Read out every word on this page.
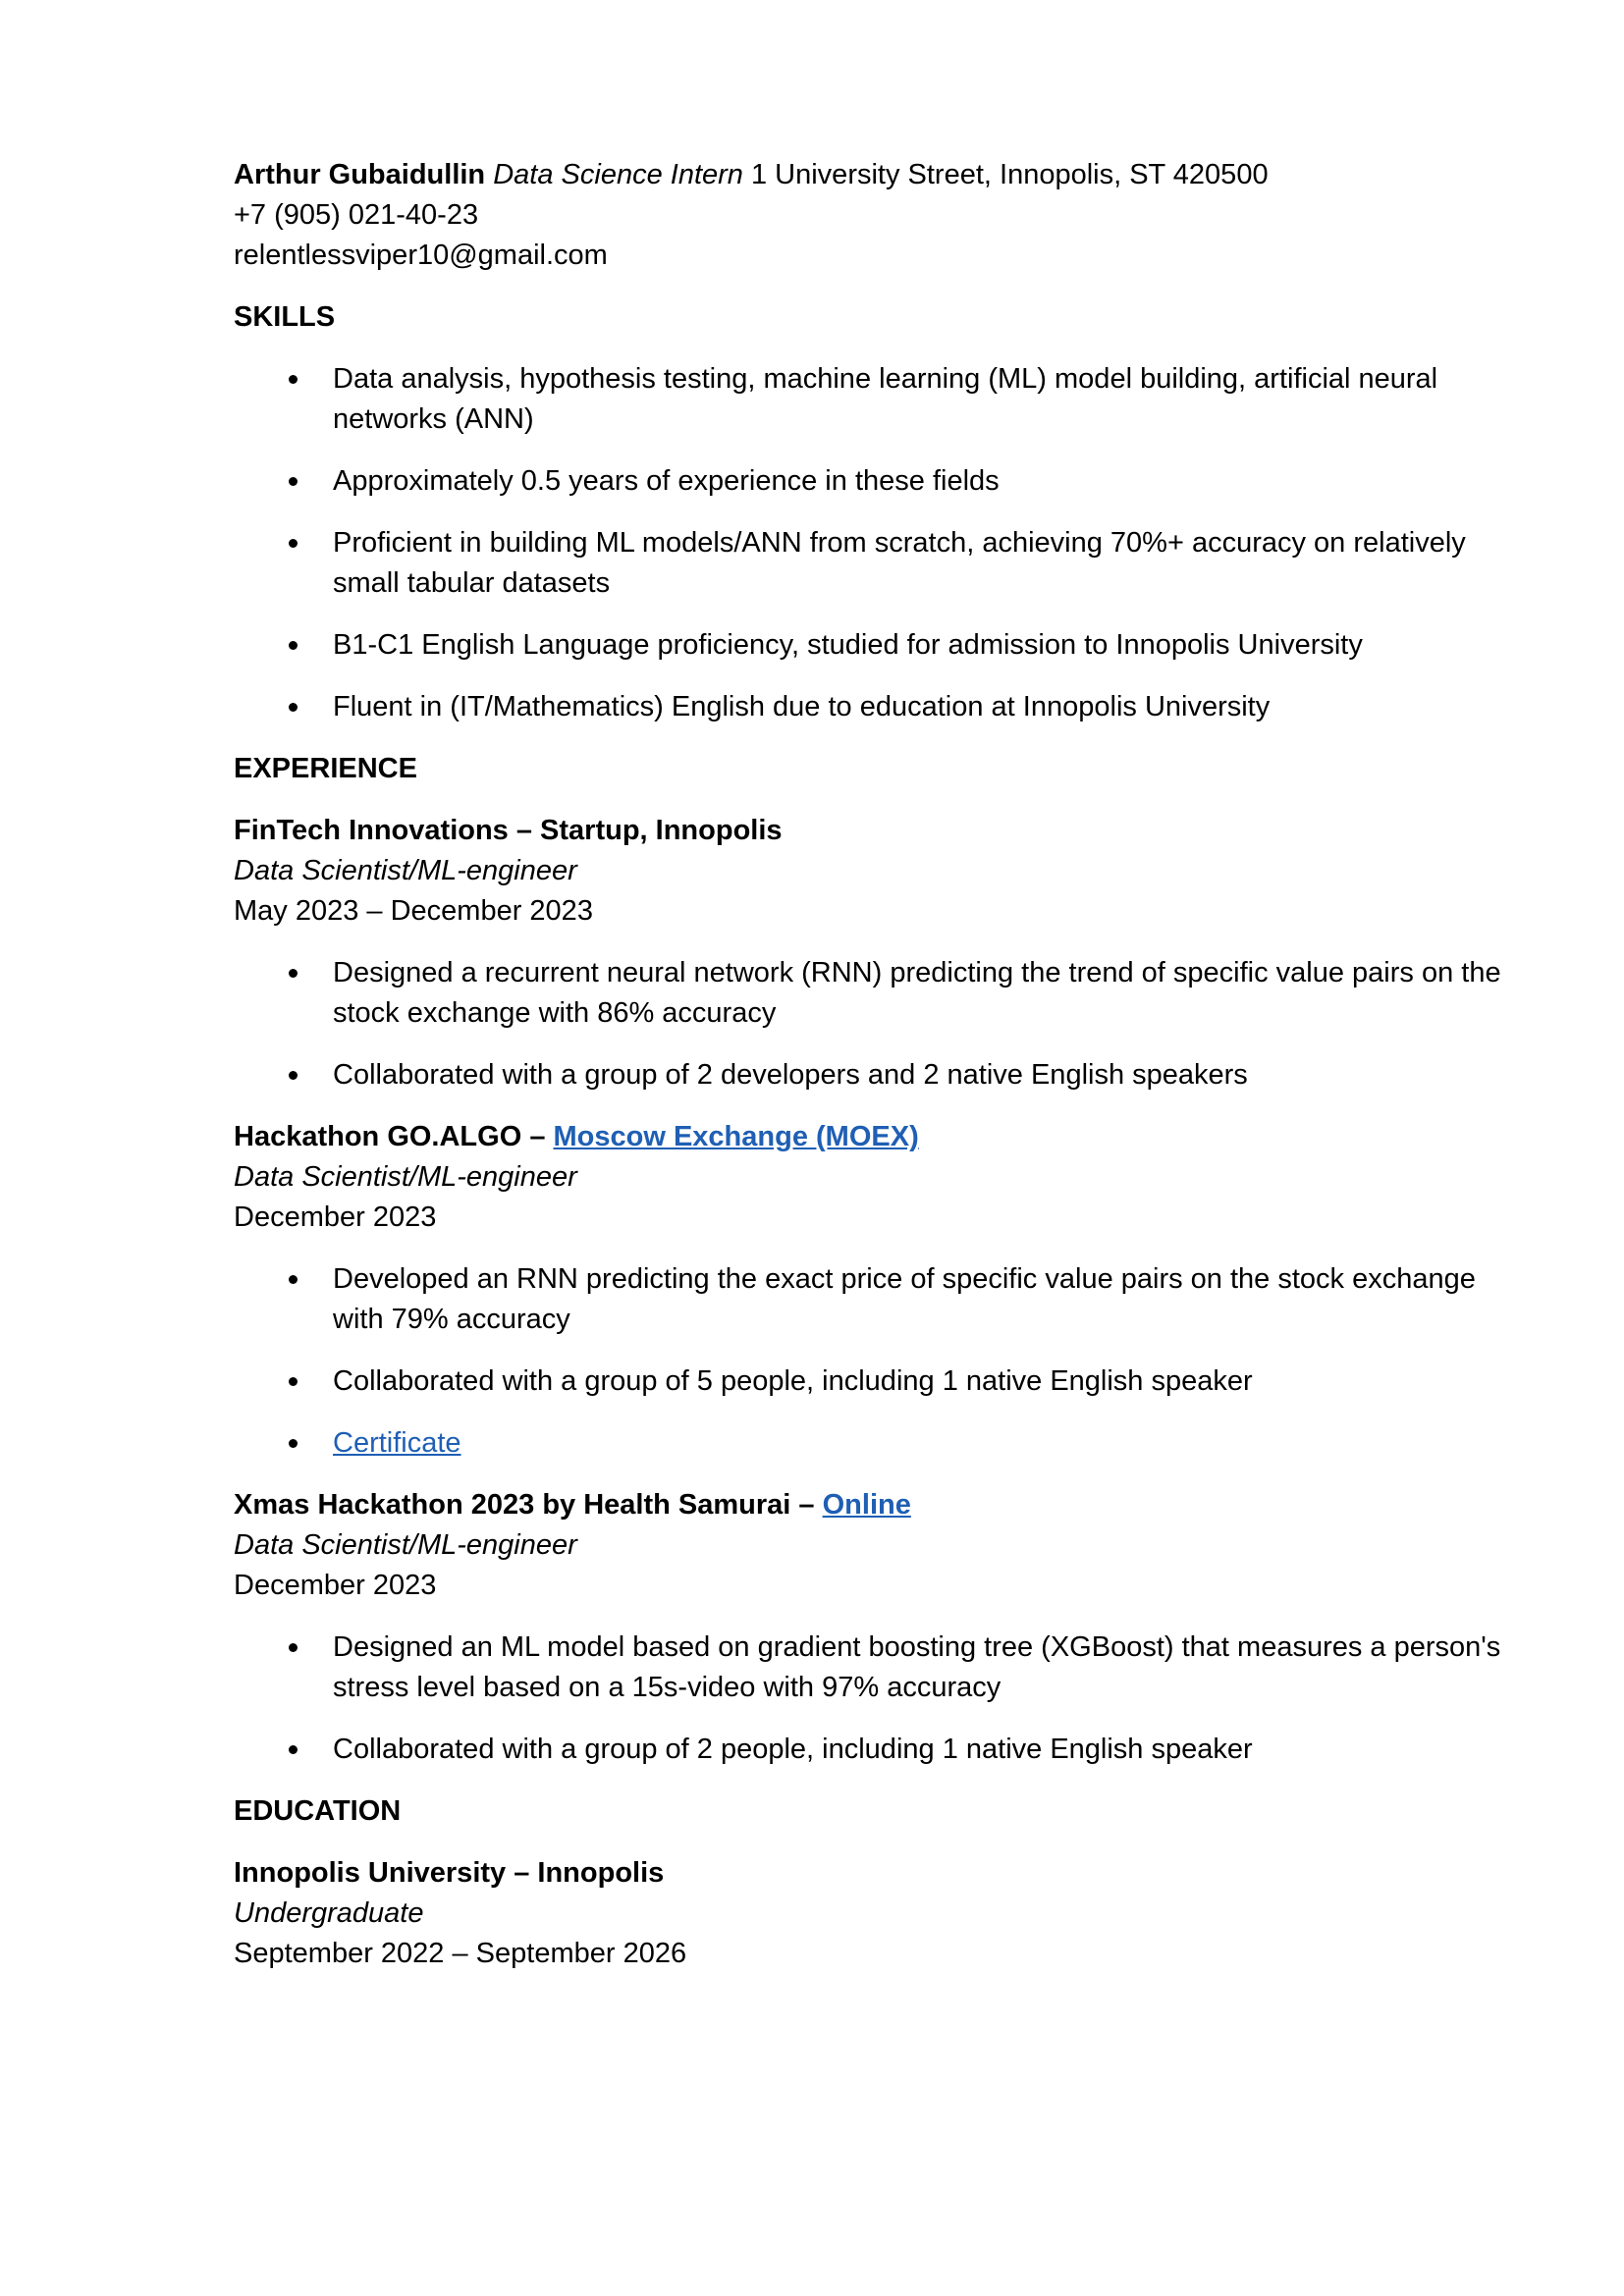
Arthur Gubaidullin Data Science Intern 1 University Street, Innopolis, ST 420500

+7 (905) 021-40-23

relentlessviper10@gmail.com

SKILLS
Data analysis, hypothesis testing, machine learning (ML) model building, artificial neural networks (ANN)
Approximately 0.5 years of experience in these fields
Proficient in building ML models/ANN from scratch, achieving 70%+ accuracy on relatively small tabular datasets
B1-C1 English Language proficiency, studied for admission to Innopolis University
Fluent in (IT/Mathematics) English due to education at Innopolis University
EXPERIENCE

FinTech Innovations – Startup, Innopolis

Data Scientist/ML-engineer

May 2023 – December 2023

Designed a recurrent neural network (RNN) predicting the trend of specific value pairs on the stock exchange with 86% accuracy
Collaborated with a group of 2 developers and 2 native English speakers

Hackathon GO.ALGO – Moscow Exchange (MOEX)

Data Scientist/ML-engineer

December 2023

Developed an RNN predicting the exact price of specific value pairs on the stock exchange with 79% accuracy
Collaborated with a group of 5 people, including 1 native English speaker
Certificate

Xmas Hackathon 2023 by Health Samurai – Online

Data Scientist/ML-engineer

December 2023

Designed an ML model based on gradient boosting tree (XGBoost) that measures a person's stress level based on a 15s-video with 97% accuracy
Collaborated with a group of 2 people, including 1 native English speaker
EDUCATION

Innopolis University – Innopolis

Undergraduate

September 2022 – September 2026
